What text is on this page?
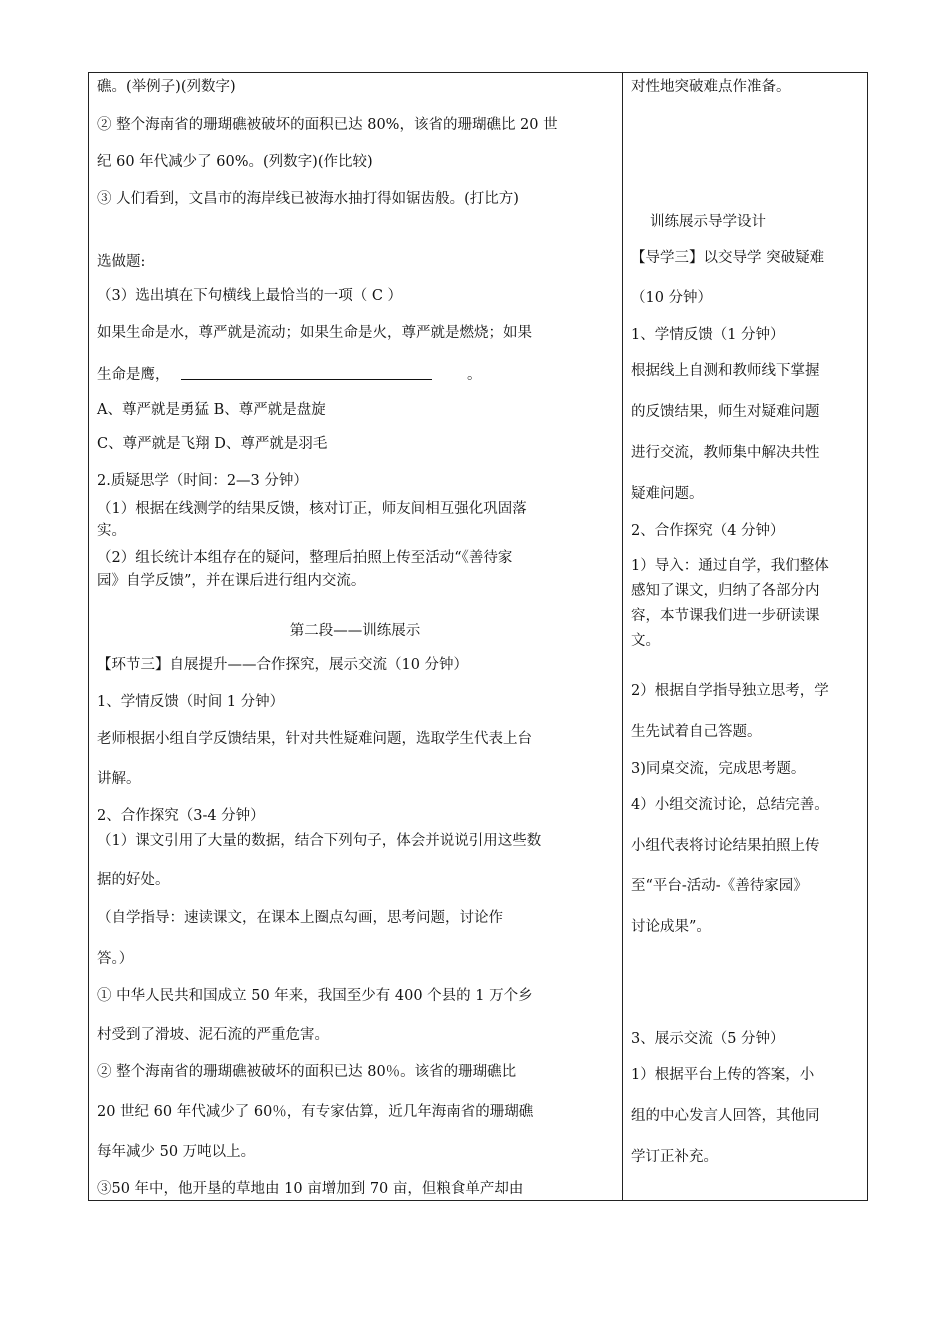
礁。(举例子)(列数字)
② 整个海南省的珊瑚礁被破坏的面积已达 80%，该省的珊瑚礁比 20 世
纪 60 年代减少了 60%。(列数字)(作比较)
③ 人们看到，文昌市的海岸线已被海水抽打得如锯齿般。(打比方)
选做题:
（3）选出填在下句横线上最恰当的一项（ C ）
如果生命是水，尊严就是流动；如果生命是火，尊严就是燃烧；如果
生命是鹰，	。
A、尊严就是勇猛 B、尊严就是盘旋
C、尊严就是飞翔 D、尊严就是羽毛
2.质疑思学（时间：2—3 分钟）
（1）根据在线测学的结果反馈，核对订正，师友间相互强化巩固落
实。
（2）组长统计本组存在的疑问，整理后拍照上传至活动“《善待家
园》自学反馈”，并在课后进行组内交流。
第二段——训练展示
【环节三】自展提升——合作探究，展示交流（10 分钟）
1、学情反馈（时间 1 分钟）
老师根据小组自学反馈结果，针对共性疑难问题，选取学生代表上台
讲解。
2、合作探究（3-4 分钟）
（1）课文引用了大量的数据，结合下列句子，体会并说说引用这些数
据的好处。
（自学指导：速读课文，在课本上圈点勾画，思考问题，讨论作
答。）
① 中华人民共和国成立 50 年来，我国至少有 400 个县的 1 万个乡
村受到了滑坡、泥石流的严重危害。
② 整个海南省的珊瑚礁被破坏的面积已达 80％。该省的珊瑚礁比
20 世纪 60 年代减少了 60％，有专家估算，近几年海南省的珊瑚礁
每年减少 50 万吨以上。
③50 年中，他开垦的草地由 10 亩增加到 70 亩，但粮食单产却由
对性地突破难点作准备。
训练展示导学设计
【导学三】以交导学 突破疑难
（10 分钟）
1、学情反馈（1 分钟）
根据线上自测和教师线下掌握
的反馈结果，师生对疑难问题
进行交流，教师集中解决共性
疑难问题。
2、合作探究（4 分钟）
1）导入：通过自学，我们整体
感知了课文，归纳了各部分内
容，本节课我们进一步研读课
文。
2）根据自学指导独立思考，学
生先试着自己答题。
3)同桌交流，完成思考题。
4）小组交流讨论，总结完善。
小组代表将讨论结果拍照上传
至“平台-活动-《善待家园》
讨论成果”。
3、展示交流（5 分钟）
1）根据平台上传的答案，小
组的中心发言人回答，其他同
学订正补充。
